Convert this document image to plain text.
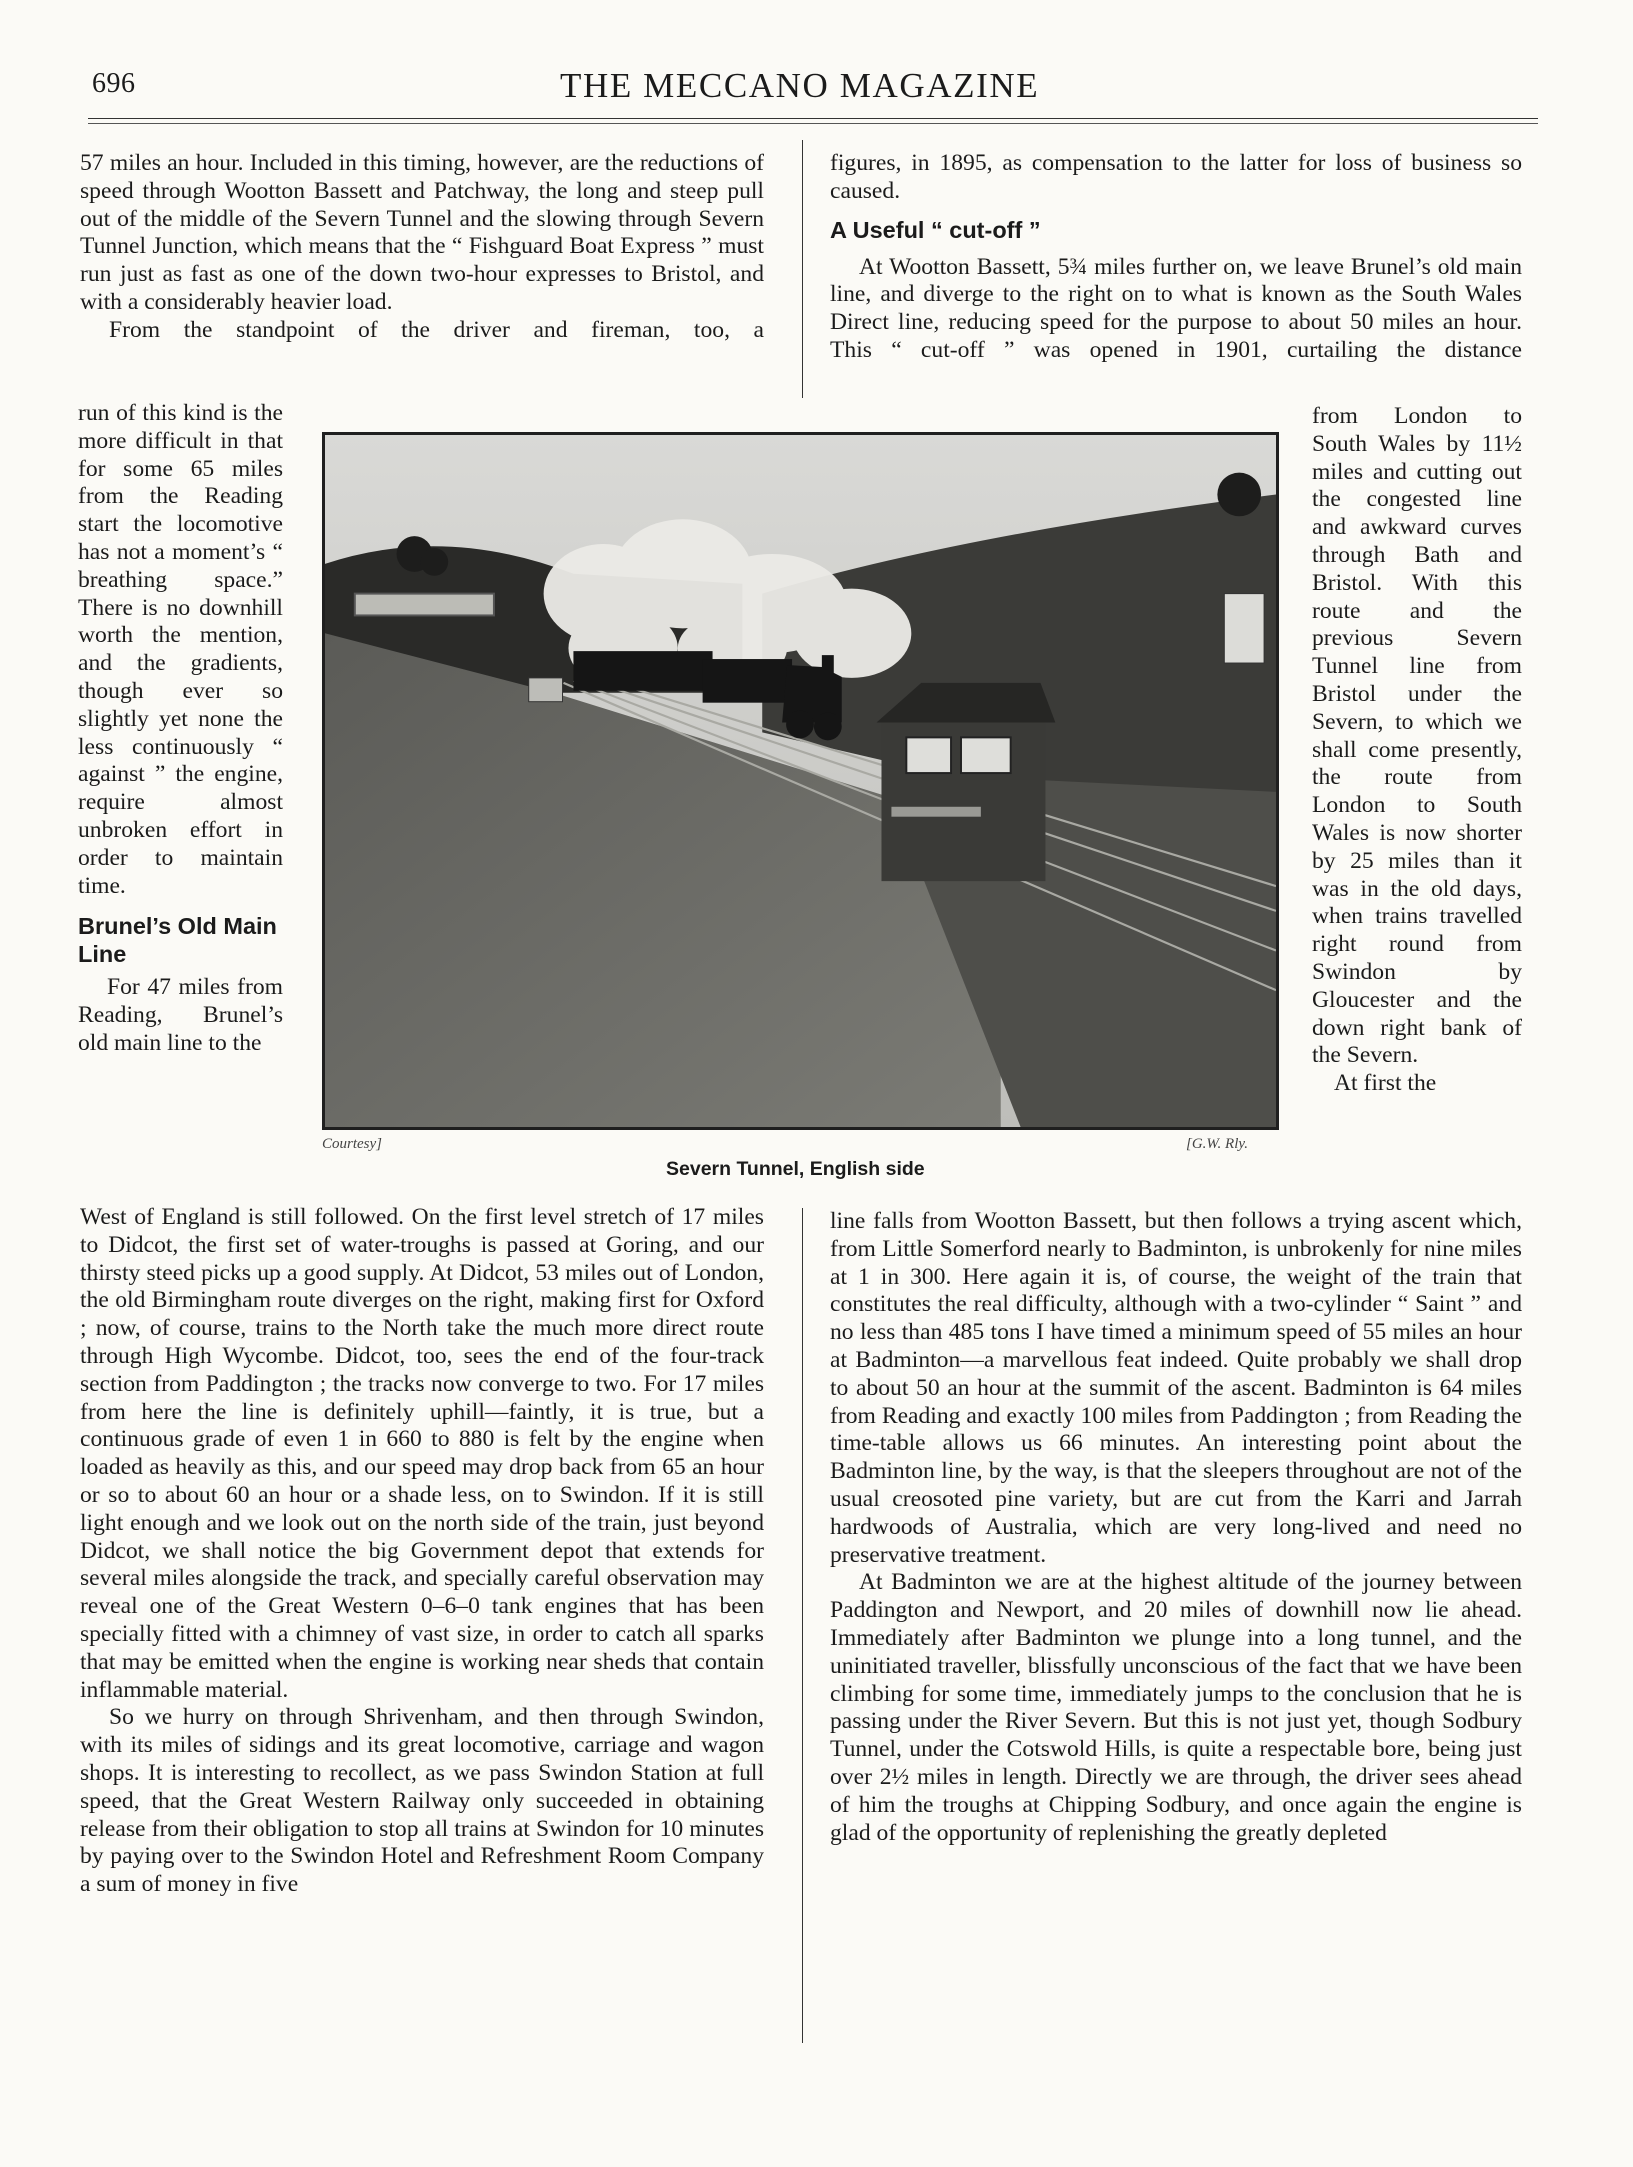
696	THE MECCANO MAGAZINE

57 miles an hour. Included in this timing, however, are the reductions of speed through Wootton Bassett and Patchway, the long and steep pull out of the middle of the Severn Tunnel and the slowing through Severn Tunnel Junction, which means that the “ Fishguard Boat Express ” must run just as fast as one of the down two-hour expresses to Bristol, and with a considerably heavier load.

From the standpoint of the driver and fireman, too, a

run of this kind is the more difficult in that for some 65 miles from the Reading start the locomotive has not a moment’s “ breathing space.” There is no downhill worth the mention, and the gradients, though ever so slightly yet none the less continuously “ against ” the engine, require almost unbroken effort in order to maintain time.

Brunel’s Old Main Line

For 47 miles from Reading, Brunel’s old main line to the

Courtesy]	[G.W. Rly.
Severn Tunnel, English side

figures, in 1895, as compensation to the latter for loss of business so caused.

A Useful “ cut-off ”

At Wootton Bassett, 5¾ miles further on, we leave Brunel’s old main line, and diverge to the right on to what is known as the South Wales Direct line, reducing speed for the purpose to about 50 miles an hour. This “ cut-off ” was opened in 1901, curtailing the distance

from London to South Wales by 11½ miles and cutting out the congested line and awkward curves through Bath and Bristol. With this route and the previous Severn Tunnel line from Bristol under the Severn, to which we shall come presently, the route from London to South Wales is now shorter by 25 miles than it was in the old days, when trains travelled right round from Swindon by Gloucester and the down right bank of the Severn.

At first the

West of England is still followed. On the first level stretch of 17 miles to Didcot, the first set of water-troughs is passed at Goring, and our thirsty steed picks up a good supply. At Didcot, 53 miles out of London, the old Birmingham route diverges on the right, making first for Oxford ; now, of course, trains to the North take the much more direct route through High Wycombe. Didcot, too, sees the end of the four-track section from Paddington ; the tracks now converge to two. For 17 miles from here the line is definitely uphill—faintly, it is true, but a continuous grade of even 1 in 660 to 880 is felt by the engine when loaded as heavily as this, and our speed may drop back from 65 an hour or so to about 60 an hour or a shade less, on to Swindon. If it is still light enough and we look out on the north side of the train, just beyond Didcot, we shall notice the big Government depot that extends for several miles alongside the track, and specially careful observation may reveal one of the Great Western 0–6–0 tank engines that has been specially fitted with a chimney of vast size, in order to catch all sparks that may be emitted when the engine is working near sheds that contain inflammable material.

So we hurry on through Shrivenham, and then through Swindon, with its miles of sidings and its great locomotive, carriage and wagon shops. It is interesting to recollect, as we pass Swindon Station at full speed, that the Great Western Railway only succeeded in obtaining release from their obligation to stop all trains at Swindon for 10 minutes by paying over to the Swindon Hotel and Refreshment Room Company a sum of money in five

line falls from Wootton Bassett, but then follows a trying ascent which, from Little Somerford nearly to Badminton, is unbrokenly for nine miles at 1 in 300. Here again it is, of course, the weight of the train that constitutes the real difficulty, although with a two-cylinder “ Saint ” and no less than 485 tons I have timed a minimum speed of 55 miles an hour at Badminton—a marvellous feat indeed. Quite probably we shall drop to about 50 an hour at the summit of the ascent. Badminton is 64 miles from Reading and exactly 100 miles from Paddington ; from Reading the time-table allows us 66 minutes. An interesting point about the Badminton line, by the way, is that the sleepers throughout are not of the usual creosoted pine variety, but are cut from the Karri and Jarrah hardwoods of Australia, which are very long-lived and need no preservative treatment.

At Badminton we are at the highest altitude of the journey between Paddington and Newport, and 20 miles of downhill now lie ahead. Immediately after Badminton we plunge into a long tunnel, and the uninitiated traveller, blissfully unconscious of the fact that we have been climbing for some time, immediately jumps to the conclusion that he is passing under the River Severn. But this is not just yet, though Sodbury Tunnel, under the Cotswold Hills, is quite a respectable bore, being just over 2½ miles in length. Directly we are through, the driver sees ahead of him the troughs at Chipping Sodbury, and once again the engine is glad of the opportunity of replenishing the greatly depleted
